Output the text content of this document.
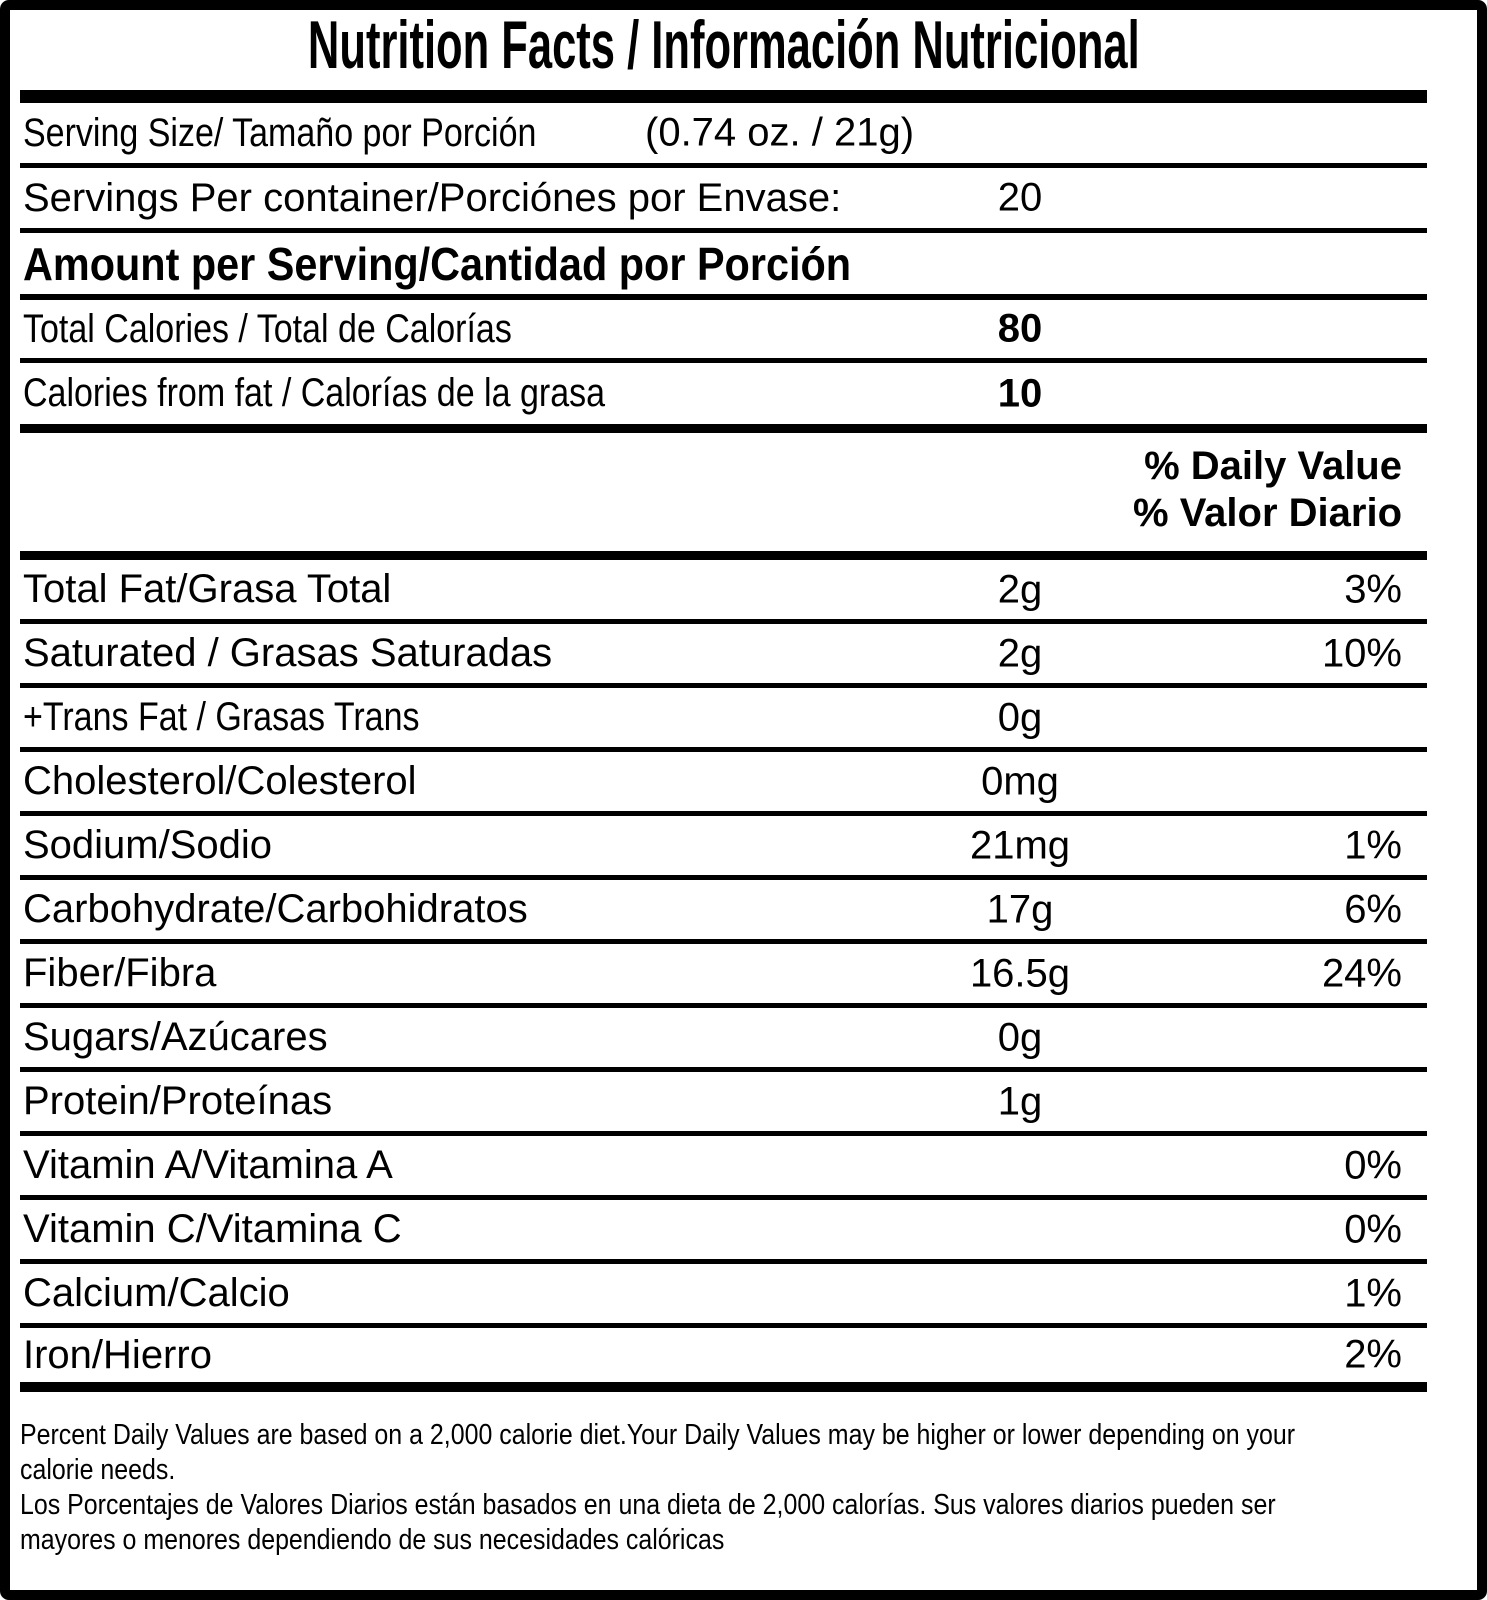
Nutrition Facts / Información Nutricional
Serving Size/ Tamaño por Porción	(0.74 oz. / 21g)
Servings Per container/Porciónes por Envase:	20
Amount per Serving/Cantidad por Porción
Total Calories / Total de Calorías	80
Calories from fat / Calorías de la grasa	10
% Daily Value
% Valor Diario
Total Fat/Grasa Total	2g	3%
Saturated / Grasas Saturadas	2g	10%
+Trans Fat / Grasas Trans	0g
Cholesterol/Colesterol	0mg
Sodium/Sodio	21mg	1%
Carbohydrate/Carbohidratos	17g	6%
Fiber/Fibra	16.5g	24%
Sugars/Azúcares	0g
Protein/Proteínas	1g
Vitamin A/Vitamina A	0%
Vitamin C/Vitamina C	0%
Calcium/Calcio	1%
Iron/Hierro	2%
Percent Daily Values are based on a 2,000 calorie diet.Your Daily Values may be higher or lower depending on your
calorie needs.
Los Porcentajes de Valores Diarios están basados en una dieta de 2,000 calorías. Sus valores diarios pueden ser
mayores o menores dependiendo de sus necesidades calóricas
